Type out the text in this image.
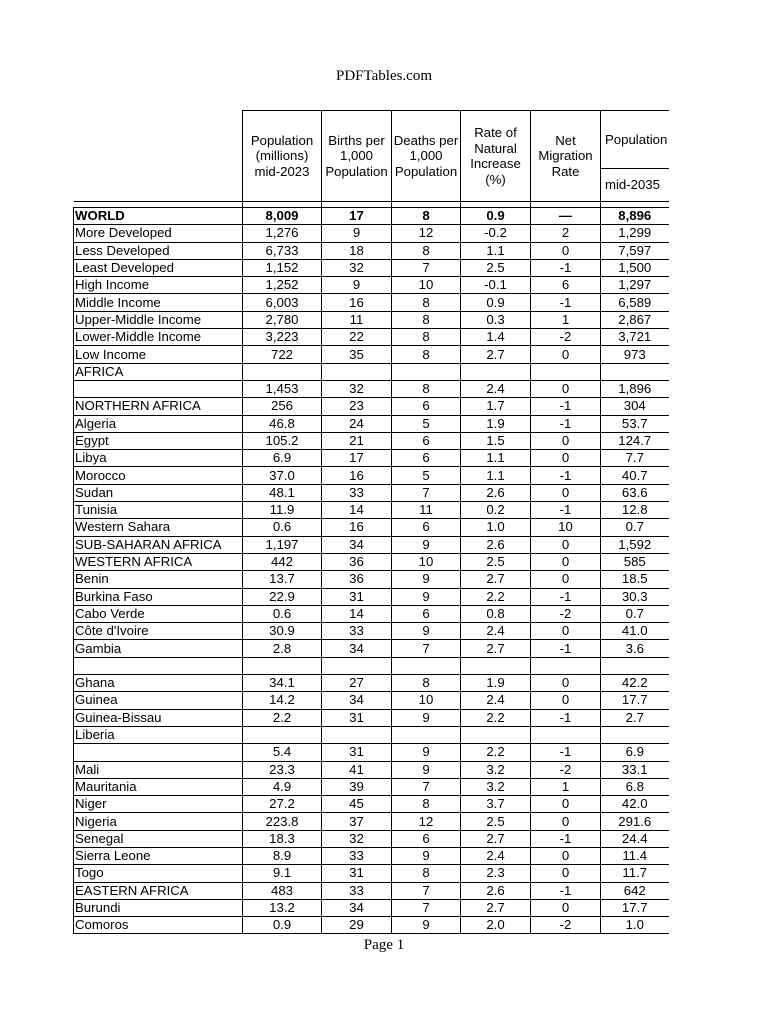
PDFTables.com
	Population (millions) mid-2023	Births per 1,000 Population	Deaths per 1,000 Population	Rate of Natural Increase (%)	Net Migration Rate	Population
						mid-2035

WORLD	8,009	17	8	0.9	—	8,896
More Developed	1,276	9	12	-0.2	2	1,299
Less Developed	6,733	18	8	1.1	0	7,597
Least Developed	1,152	32	7	2.5	-1	1,500
High Income	1,252	9	10	-0.1	6	1,297
Middle Income	6,003	16	8	0.9	-1	6,589
Upper-Middle Income	2,780	11	8	0.3	1	2,867
Lower-Middle Income	3,223	22	8	1.4	-2	3,721
Low Income	722	35	8	2.7	0	973
AFRICA						
	1,453	32	8	2.4	0	1,896
NORTHERN AFRICA	256	23	6	1.7	-1	304
Algeria	46.8	24	5	1.9	-1	53.7
Egypt	105.2	21	6	1.5	0	124.7
Libya	6.9	17	6	1.1	0	7.7
Morocco	37.0	16	5	1.1	-1	40.7
Sudan	48.1	33	7	2.6	0	63.6
Tunisia	11.9	14	11	0.2	-1	12.8
Western Sahara	0.6	16	6	1.0	10	0.7
SUB-SAHARAN AFRICA	1,197	34	9	2.6	0	1,592
WESTERN AFRICA	442	36	10	2.5	0	585
Benin	13.7	36	9	2.7	0	18.5
Burkina Faso	22.9	31	9	2.2	-1	30.3
Cabo Verde	0.6	14	6	0.8	-2	0.7
Côte d'Ivoire	30.9	33	9	2.4	0	41.0
Gambia	2.8	34	7	2.7	-1	3.6

Ghana	34.1	27	8	1.9	0	42.2
Guinea	14.2	34	10	2.4	0	17.7
Guinea-Bissau	2.2	31	9	2.2	-1	2.7
Liberia						
	5.4	31	9	2.2	-1	6.9
Mali	23.3	41	9	3.2	-2	33.1
Mauritania	4.9	39	7	3.2	1	6.8
Niger	27.2	45	8	3.7	0	42.0
Nigeria	223.8	37	12	2.5	0	291.6
Senegal	18.3	32	6	2.7	-1	24.4
Sierra Leone	8.9	33	9	2.4	0	11.4
Togo	9.1	31	8	2.3	0	11.7
EASTERN AFRICA	483	33	7	2.6	-1	642
Burundi	13.2	34	7	2.7	0	17.7
Comoros	0.9	29	9	2.0	-2	1.0
Page 1
